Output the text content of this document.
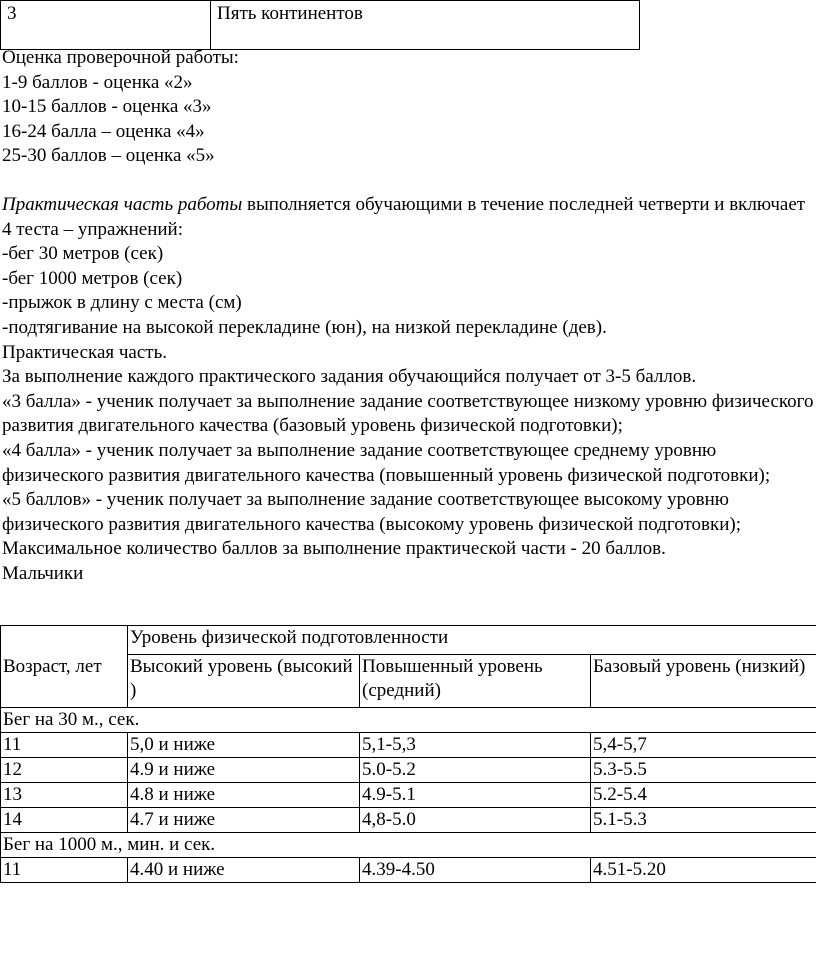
3	Пять континентов

Оценка проверочной работы:

1-9 баллов - оценка «2»

10-15 баллов - оценка «3»

16-24 балла – оценка «4»

25-30 баллов – оценка «5»

Практическая часть работы выполняется обучающими в течение последней четверти и включает 4 теста – упражнений:

-бег 30 метров (сек)

-бег 1000 метров (сек)

-прыжок в длину с места (см)

-подтягивание на высокой перекладине (юн), на низкой перекладине (дев).

Практическая часть.

За выполнение каждого практического задания обучающийся получает от 3-5 баллов.

«3 балла» - ученик получает за выполнение задание соответствующее низкому уровню физического развития двигательного качества (базовый уровень физической подготовки);

«4 балла» - ученик получает за выполнение задание соответствующее среднему уровню физического развития двигательного качества (повышенный уровень физической подготовки);

«5 баллов» - ученик получает за выполнение задание соответствующее высокому уровню физического развития двигательного качества (высокому уровень физической подготовки);

Максимальное количество баллов за выполнение практической части - 20 баллов.

Мальчики

Возраст, лет	Уровень физической подготовленности		
	Высокий уровень (высокий )	Повышенный уровень (средний)	Базовый уровень (низкий)
Бег на 30 м., сек.			
11	5,0 и ниже	5,1-5,3	5,4-5,7
12	4.9 и ниже	5.0-5.2	5.3-5.5
13	4.8 и ниже	4.9-5.1	5.2-5.4
14	4.7 и ниже	4,8-5.0	5.1-5.3
Бег на 1000 м., мин. и сек.			
11	4.40 и ниже	4.39-4.50	4.51-5.20
